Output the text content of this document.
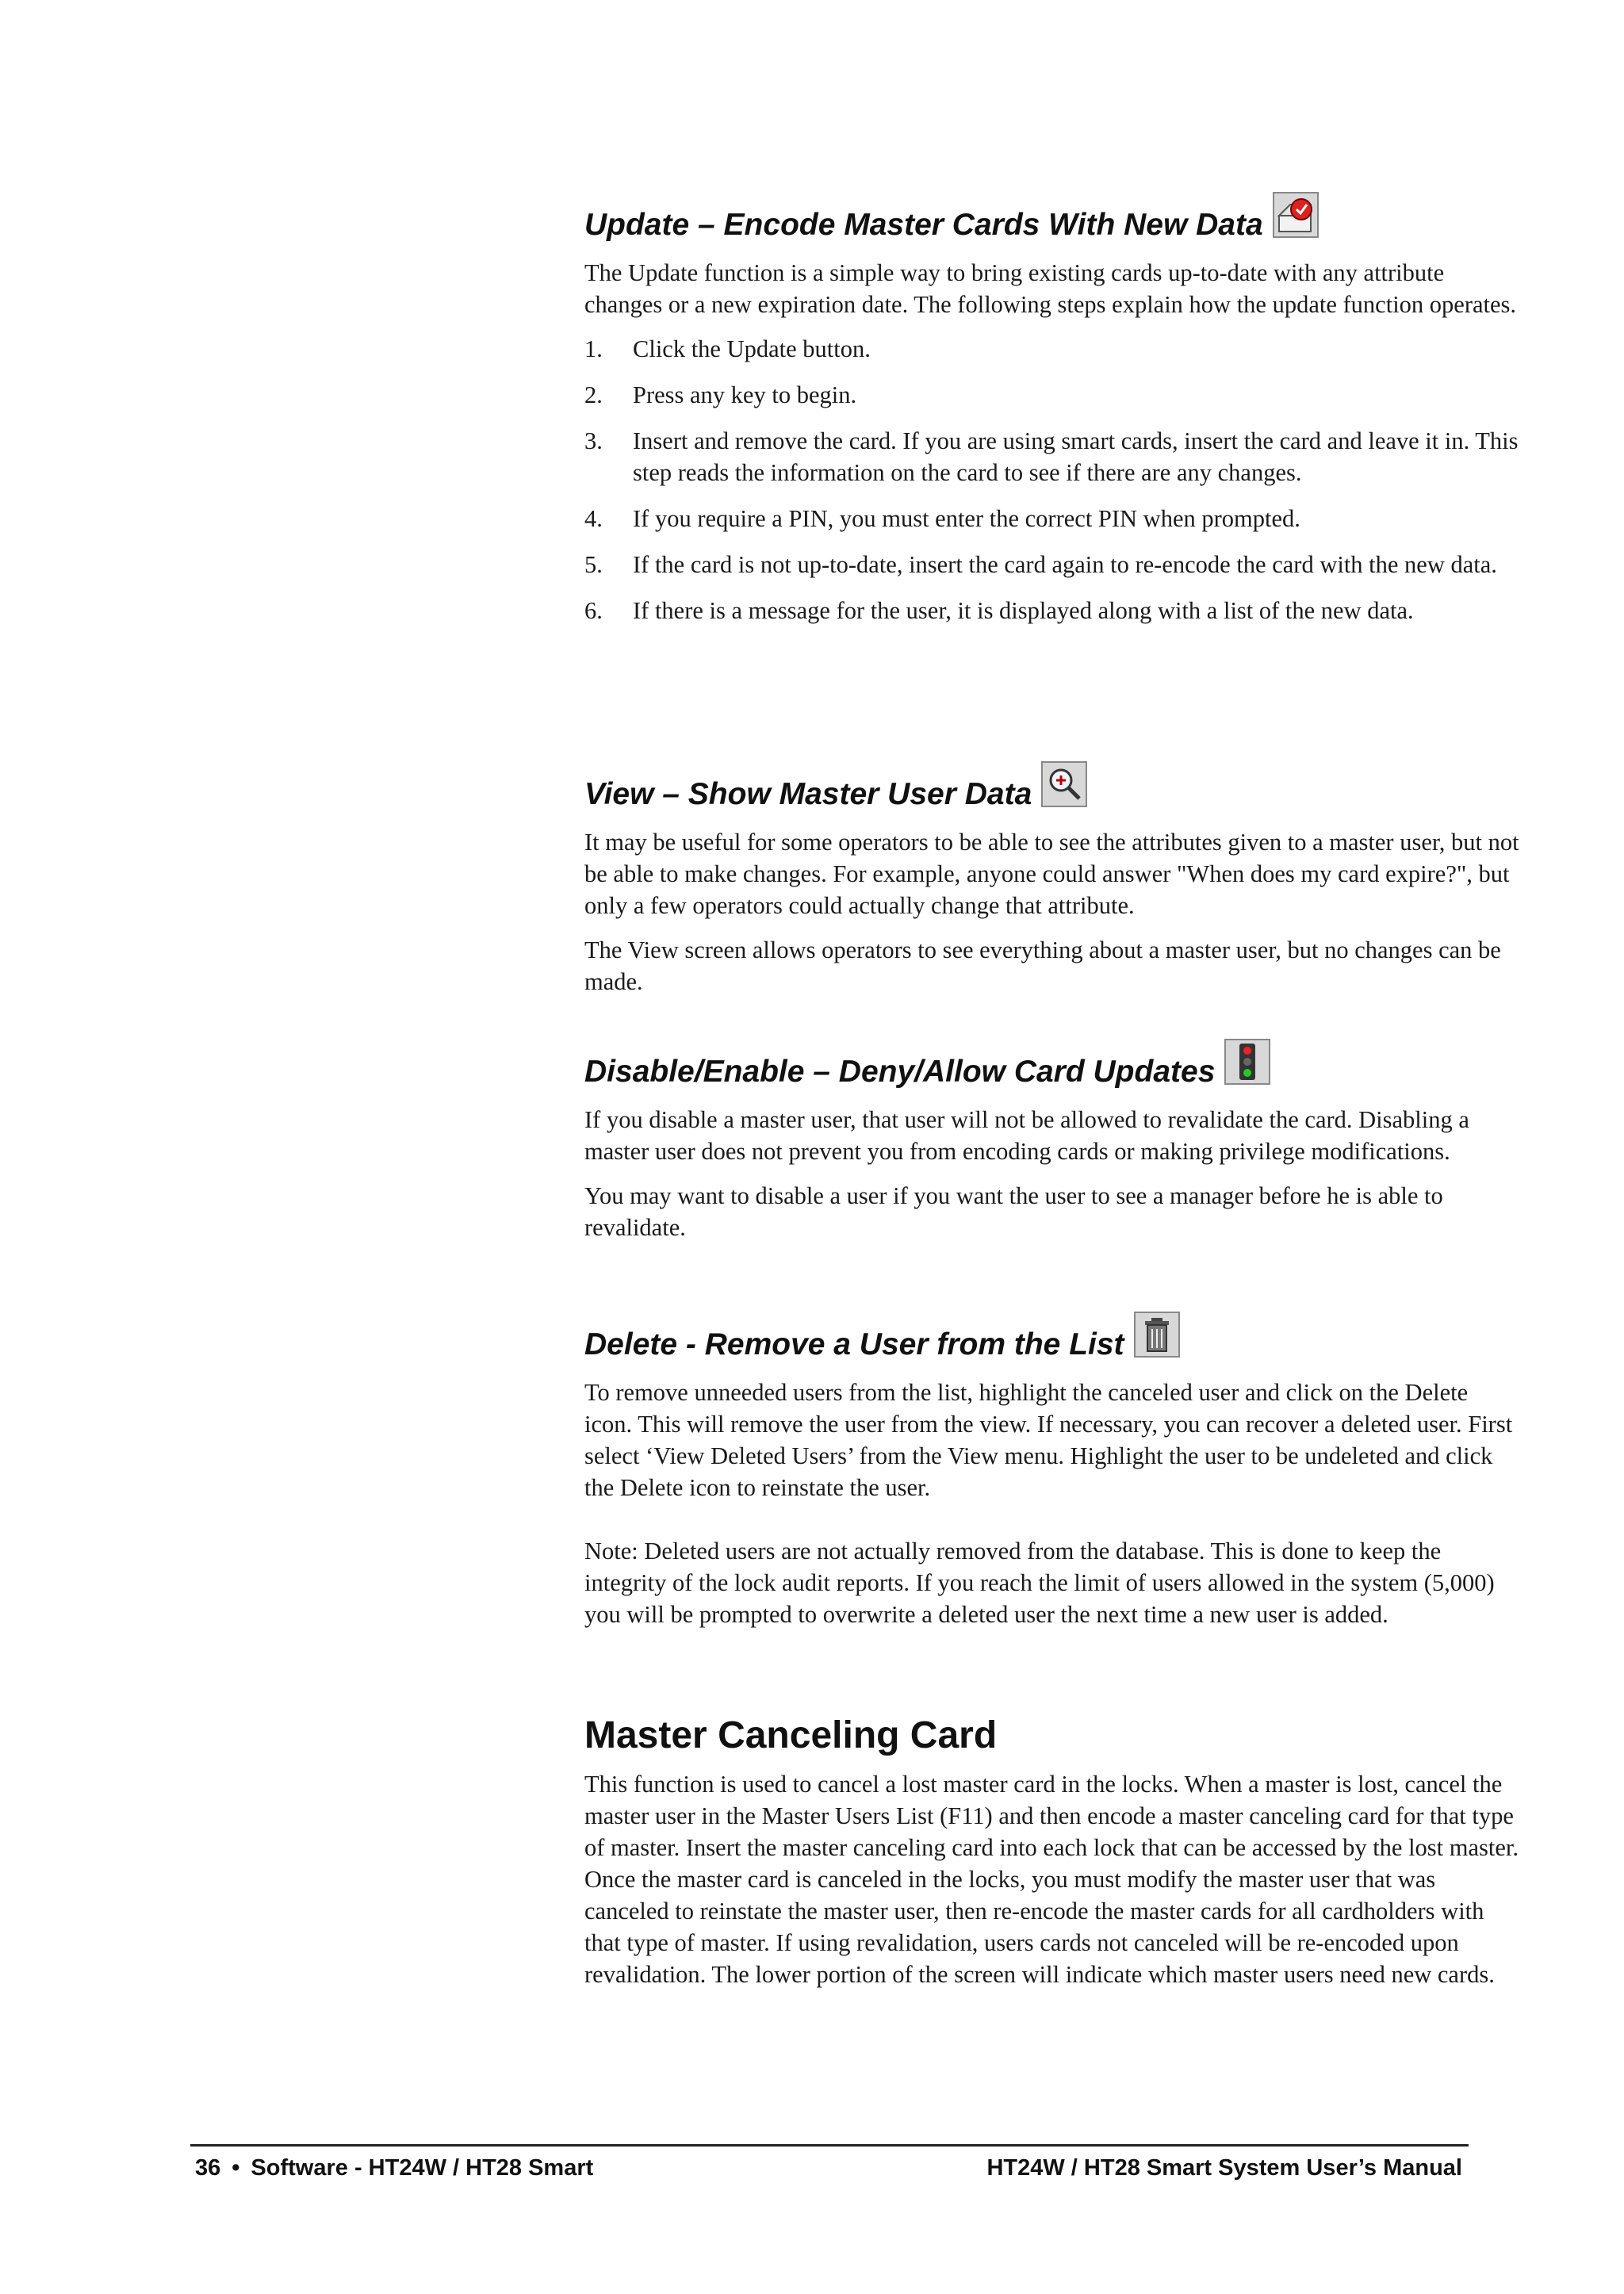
Update – Encode Master Cards With New Data

The Update function is a simple way to bring existing cards up-to-date with any attribute changes or a new expiration date. The following steps explain how the update function operates.

1. Click the Update button.
2. Press any key to begin.
3. Insert and remove the card. If you are using smart cards, insert the card and leave it in. This step reads the information on the card to see if there are any changes.
4. If you require a PIN, you must enter the correct PIN when prompted.
5. If the card is not up-to-date, insert the card again to re-encode the card with the new data.
6. If there is a message for the user, it is displayed along with a list of the new data.
View – Show Master User Data

It may be useful for some operators to be able to see the attributes given to a master user, but not be able to make changes. For example, anyone could answer "When does my card expire?", but only a few operators could actually change that attribute.

The View screen allows operators to see everything about a master user, but no changes can be made.

Disable/Enable – Deny/Allow Card Updates

If you disable a master user, that user will not be allowed to revalidate the card. Disabling a master user does not prevent you from encoding cards or making privilege modifications.

You may want to disable a user if you want the user to see a manager before he is able to revalidate.

Delete - Remove a User from the List

To remove unneeded users from the list, highlight the canceled user and click on the Delete icon. This will remove the user from the view. If necessary, you can recover a deleted user. First select ‘View Deleted Users’ from the View menu. Highlight the user to be undeleted and click the Delete icon to reinstate the user.

Note: Deleted users are not actually removed from the database. This is done to keep the integrity of the lock audit reports. If you reach the limit of users allowed in the system (5,000) you will be prompted to overwrite a deleted user the next time a new user is added.

Master Canceling Card

This function is used to cancel a lost master card in the locks. When a master is lost, cancel the master user in the Master Users List (F11) and then encode a master canceling card for that type of master. Insert the master canceling card into each lock that can be accessed by the lost master. Once the master card is canceled in the locks, you must modify the master user that was canceled to reinstate the master user, then re-encode the master cards for all cardholders with that type of master. If using revalidation, users cards not canceled will be re-encoded upon revalidation. The lower portion of the screen will indicate which master users need new cards.

36 • Software - HT24W / HT28 Smart	HT24W / HT28 Smart System User’s Manual
